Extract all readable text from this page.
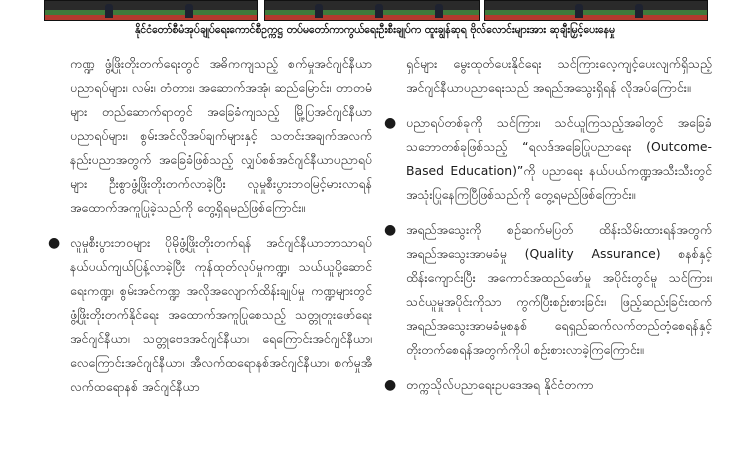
နိုင်ငံတော်စီမံအုပ်ချုပ်ရေးကောင်စီဥက္ကဋ္ဌ တပ်မတော်ကာကွယ်ရေးဦးစီးချုပ်က ထူးချွန်ဆုရ ဗိုလ်လောင်းများအား ဆုချီးမြှင့်ပေးနေမှု

ကဏ္ဍ ဖွံ့ဖြိုးတိုးတက်ရေးတွင် အဓိကကျသည့် စက်မှုအင်ဂျင်နီယာပညာရပ်များ၊ လမ်း၊ တံတား၊ အဆောက်အအုံ၊ ဆည်မြောင်း၊ တာတမံများ တည်ဆောက်ရာတွင် အခြေခံကျသည့် မြို့ပြအင်ဂျင်နီယာပညာရပ်များ၊ စွမ်းအင်လိုအပ်ချက်များနှင့် သတင်းအချက်အလက်နည်းပညာအတွက် အခြေခံဖြစ်သည့် လျှပ်စစ်အင်ဂျင်နီယာပညာရပ်များ ဦးစွာဖွံ့ဖြိုးတိုးတက်လာခဲ့ပြီး လူမှုစီးပွားဘဝမြင့်မားလာရန် အထောက်အကူပြုခဲ့သည်ကို တွေ့ရှိရမည်ဖြစ်ကြောင်း။

● လူမှုစီးပွားဘဝများ ပိုမိုဖွံ့ဖြိုးတိုးတက်ရန် အင်ဂျင်နီယာဘာသာရပ် နယ်ပယ်ကျယ်ပြန့်လာခဲ့ပြီး ကုန်ထုတ်လုပ်မှုကဏ္ဍ၊ သယ်ယူပို့ဆောင်ရေးကဏ္ဍ၊ စွမ်းအင်ကဏ္ဍ အလိုအလျောက်ထိန်းချုပ်မှု ကဏ္ဍများတွင် ဖွံ့ဖြိုးတိုးတက်နိုင်ရေး အထောက်အကူပြုစေသည့် သတ္တုတူးဖော်ရေးအင်ဂျင်နီယာ၊ သတ္တုဗေဒအင်ဂျင်နီယာ၊ ရေကြောင်းအင်ဂျင်နီယာ၊ လေကြောင်းအင်ဂျင်နီယာ၊ အီလက်ထရောနစ်အင်ဂျင်နီယာ၊ စက်မှုအီလက်ထရောနစ် အင်ဂျင်နီယာ

ရှင်များ မွေးထုတ်ပေးနိုင်ရေး သင်ကြားလေ့ကျင့်ပေးလျက်ရှိသည့် အင်ဂျင်နီယာပညာရေးသည် အရည်အသွေးရှိရန် လိုအပ်ကြောင်း။

● ပညာရပ်တစ်ခုကို သင်ကြား၊ သင်ယူကြသည့်အခါတွင် အခြေခံသဘောတစ်ခုဖြစ်သည့် “ရလဒ်အခြေပြုပညာရေး (Outcome-Based Education)”ကို ပညာရေး နယ်ပယ်ကဏ္ဍအသီးသီးတွင် အသုံးပြုနေကြပြီဖြစ်သည်ကို တွေ့ရမည်ဖြစ်ကြောင်း။

● အရည်အသွေးကို စဉ်ဆက်မပြတ် ထိန်းသိမ်းထားရန်အတွက် အရည်အသွေးအာမခံမှု (Quality Assurance) စနစ်နှင့် ထိန်းကျောင်းပြီး အကောင်အထည်ဖော်မှု အပိုင်းတွင်မူ သင်ကြား၊ သင်ယူမှုအပိုင်းကိုသာ ကွက်ပြီးစဉ်းစားခြင်း၊ ဖြည့်ဆည်းခြင်းထက် အရည်အသွေးအာမခံမှုစနစ် ရေရှည်ဆက်လက်တည်တံ့စေရန်နှင့် တိုးတက်စေရန်အတွက်ကိုပါ စဉ်းစားလာခဲ့ကြကြောင်း။

● တက္ကသိုလ်ပညာရေးဥပဒေအရ နိုင်ငံတကာ
